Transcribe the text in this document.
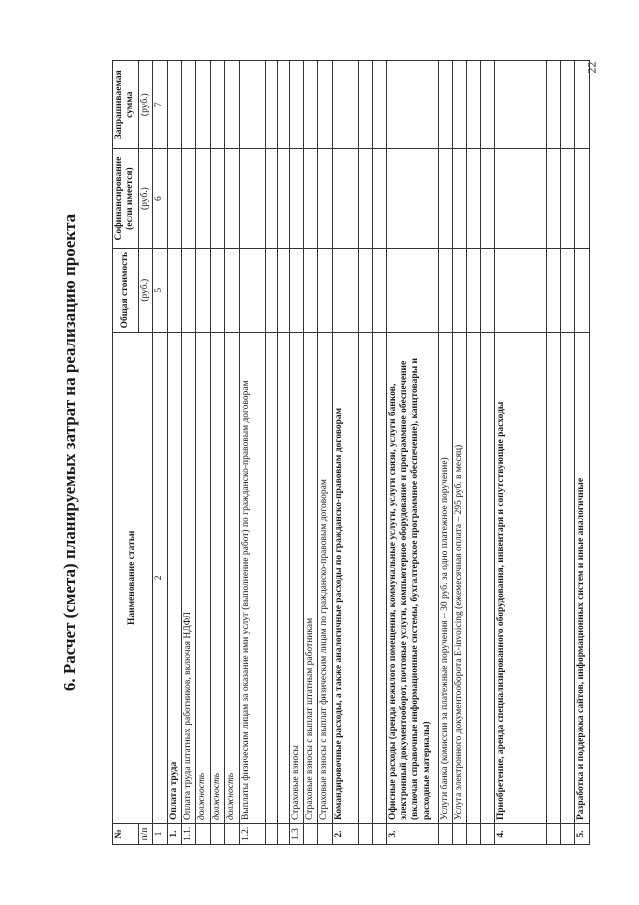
22
6. Расчет (смета) планируемых затрат на реализацию проекта
№	Наименование статьи	Общая стоимость	Софинансирование (если имеется)	Запрашиваемая сумма
п/п		(руб.)	(руб.)	(руб.)
1	2	5	6	7
1.	Оплата труда			
1.1.	Оплата труда штатных работников, включая НДФЛ			
	должность			
	должность			
	должность			
1.2.	Выплаты физическим лицам за оказание ими услуг (выполнение работ) по гражданско-правовым договорам			

1.3	Страховые взносы			
	Страховые взносы с выплат штатным работникам			
	Страховые взносы с выплат физическим лицам по гражданско-правовым договорам			
2.	Командировочные расходы, а также аналогичные расходы по гражданско-правовым договорам			

3.	Офисные расходы (аренда нежилого помещения, коммунальные услуги, услуги связи, услуги банков, электронный документооборот, почтовые услуги, компьютерное оборудование и программное обеспечение (включая справочные информационные системы, бухгалтерское программное обеспечение), канцтовары и расходные материалы)			
	Услуги банка (комиссии за платежные поручения – 30 руб. за одно платежное поручение)			
	Услуга электронного документооборота E-invoicing (ежемесячная оплата – 295 руб. в месяц)			

4.	Приобретение, аренда специализированного оборудования, инвентаря и сопутствующие расходы			

5.	Разработка и поддержка сайтов, информационных систем и иные аналогичные			
